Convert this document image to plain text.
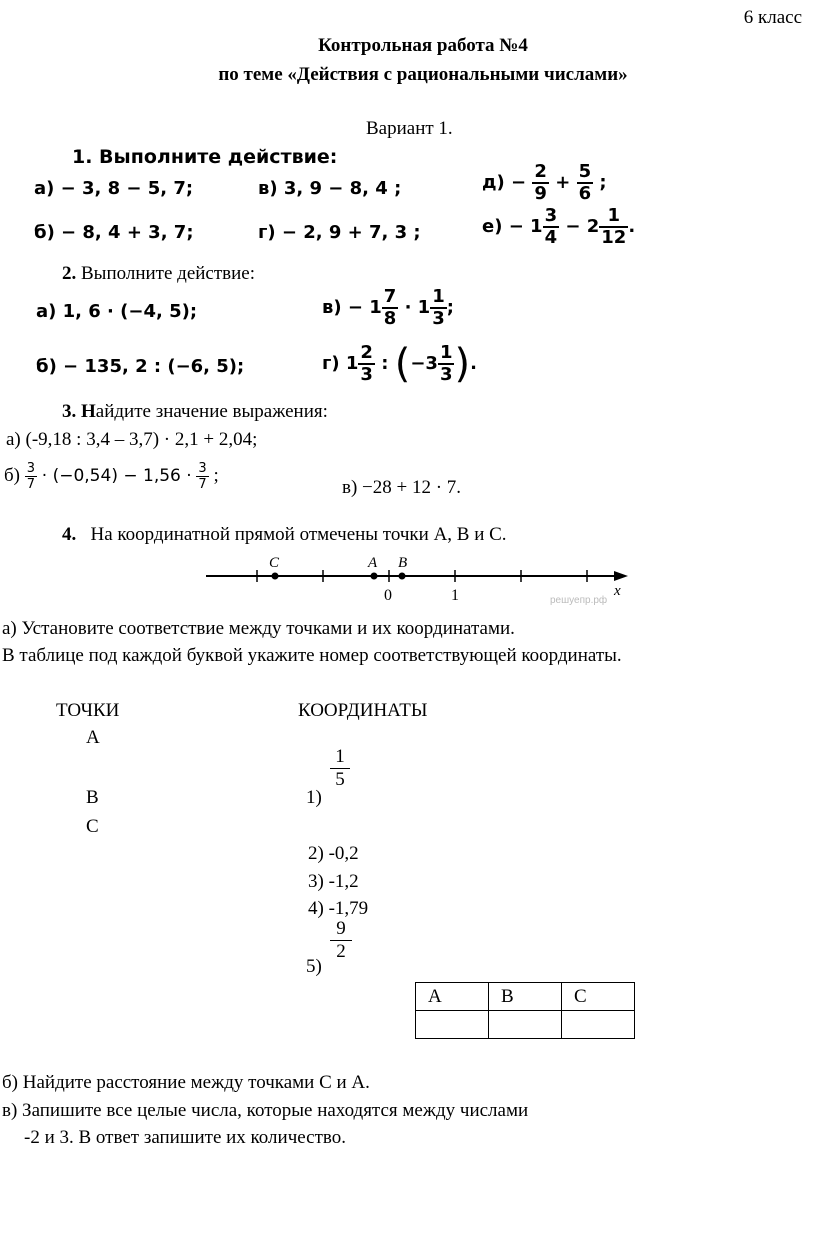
6 класс
Контрольная работа №4
по теме «Действия с рациональными числами»
Вариант 1.
1. Выполните действие:
а) − 3, 8 − 5, 7;	в) 3, 9 − 8, 4 ;
б) − 8, 4 + 3, 7;	г) − 2, 9 + 7, 3 ;
$д) - \frac{2}{9} + \frac{5}{6}$ ;
$е) - 1 \frac{3}{4} - 2 \frac{1}{12}$ .
2. Выполните действие:
а) 1, 6 · (−4, 5);
б) − 135, 2 : (−6, 5);
$в) - 1 \frac{7}{8} \cdot 1 \frac{1}{3}$ ;
г) $1 \frac{2}{3}$ : ($-3 \frac{1}{3}$ ).
3. Найдите значение выражения:
а) (-9,18 : 3,4 – 3,7) · 2,1 + 2,04;
$б) \frac{3}{7} \cdot (-0,54) - 1,56 \cdot \frac{3}{7}$ ;
в) −28 + 12 · 7.
4. На координатной прямой отмечены точки А, В и С.
C	A B
0	1	x
решуепр.рф
а) Установите соответствие между точками и их координатами.
В таблице под каждой буквой укажите номер соответствующей координаты.
ТОЧКИ	КООРДИНАТЫ
А
В
С
1)
$\frac{1}{5}$
2) -0,2
3) -1,2
4) -1,79
5)
$\frac{9}{2}$
А	В	С

б) Найдите расстояние между точками С и А.
в) Запишите все целые числа, которые находятся между числами
-2 и 3. В ответ запишите их количество.
